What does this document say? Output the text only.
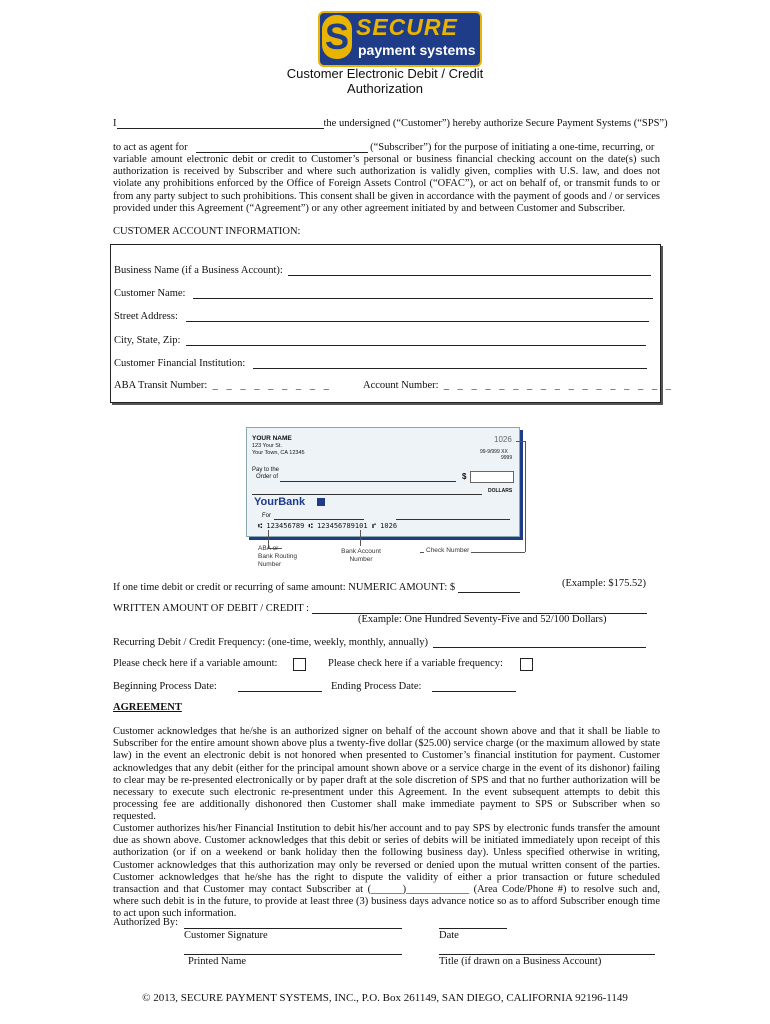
S SECURE
payment systems
Customer Electronic Debit / Credit
Authorization
I	the undersigned (“Customer”) hereby authorize Secure Payment Systems (“SPS”)
to act as agent for	(“Subscriber”) for the purpose of initiating a one-time, recurring, or

variable amount electronic debit or credit to Customer’s personal or business financial checking account on the date(s) such authorization is received by Subscriber and where such authorization is validly given, complies with U.S. law, and does not violate any prohibitions enforced by the Office of Foreign Assets Control (“OFAC”), or act on behalf of, or transmit funds to or from any party subject to such prohibitions. This consent shall be given in accordance with the payment of goods and / or services provided under this Agreement (“Agreement”) or any other agreement initiated by and between Customer and Subscriber.

CUSTOMER ACCOUNT INFORMATION:
Business Name (if a Business Account):
Customer Name:
Street Address:
City, State, Zip:
Customer Financial Institution:
ABA Transit Number: _ _ _ _ _ _ _ _ _	Account Number: _ _ _ _ _ _ _ _ _ _ _ _ _ _ _ _ _
YOUR NAME
123 Your St.
Your Town, CA 12345
1026
99-9/999 XX
9999
Pay to the
Order of	$
DOLLARS
YourBank
For
⑆ 123456789 ⑆ 123456789101 ⑈ 1026
ABA or
Bank Routing
Number
Bank Account
Number
Check Number
If one time debit or credit or recurring of same amount: NUMERIC AMOUNT: $	(Example: $175.52)
WRITTEN AMOUNT OF DEBIT / CREDIT :
(Example: One Hundred Seventy-Five and 52/100 Dollars)
Recurring Debit / Credit Frequency: (one-time, weekly, monthly, annually)
Please check here if a variable amount:	Please check here if a variable frequency:
Beginning Process Date:	Ending Process Date:
AGREEMENT

Customer acknowledges that he/she is an authorized signer on behalf of the account shown above and that it shall be liable to Subscriber for the entire amount shown above plus a twenty-five dollar ($25.00) service charge (or the maximum allowed by state law) in the event an electronic debit is not honored when presented to Customer’s financial institution for payment. Customer acknowledges that any debit (either for the principal amount shown above or a service charge in the event of its dishonor) failing to clear may be re-presented electronically or by paper draft at the sole discretion of SPS and that no further authorization will be necessary to execute such electronic re-presentment under this Agreement. In the event subsequent attempts to debit this processing fee are additionally dishonored then Customer shall make immediate payment to SPS or Subscriber when so requested.

Customer authorizes his/her Financial Institution to debit his/her account and to pay SPS by electronic funds transfer the amount due as shown above. Customer acknowledges that this debit or series of debits will be initiated immediately upon receipt of this authorization (or if on a weekend or bank holiday then the following business day). Unless specified otherwise in writing, Customer acknowledges that this authorization may only be reversed or denied upon the mutual written consent of the parties. Customer acknowledges that he/she has the right to dispute the validity of either a prior transaction or future scheduled transaction and that Customer may contact Subscriber at (______)____________ (Area Code/Phone #) to resolve such and, where such debit is in the future, to provide at least three (3) business days advance notice so as to afford Subscriber enough time to act upon such information.

Authorized By:
Customer Signature	Date
Printed Name	Title (if drawn on a Business Account)
© 2013, SECURE PAYMENT SYSTEMS, INC., P.O. Box 261149, SAN DIEGO, CALIFORNIA 92196-1149
